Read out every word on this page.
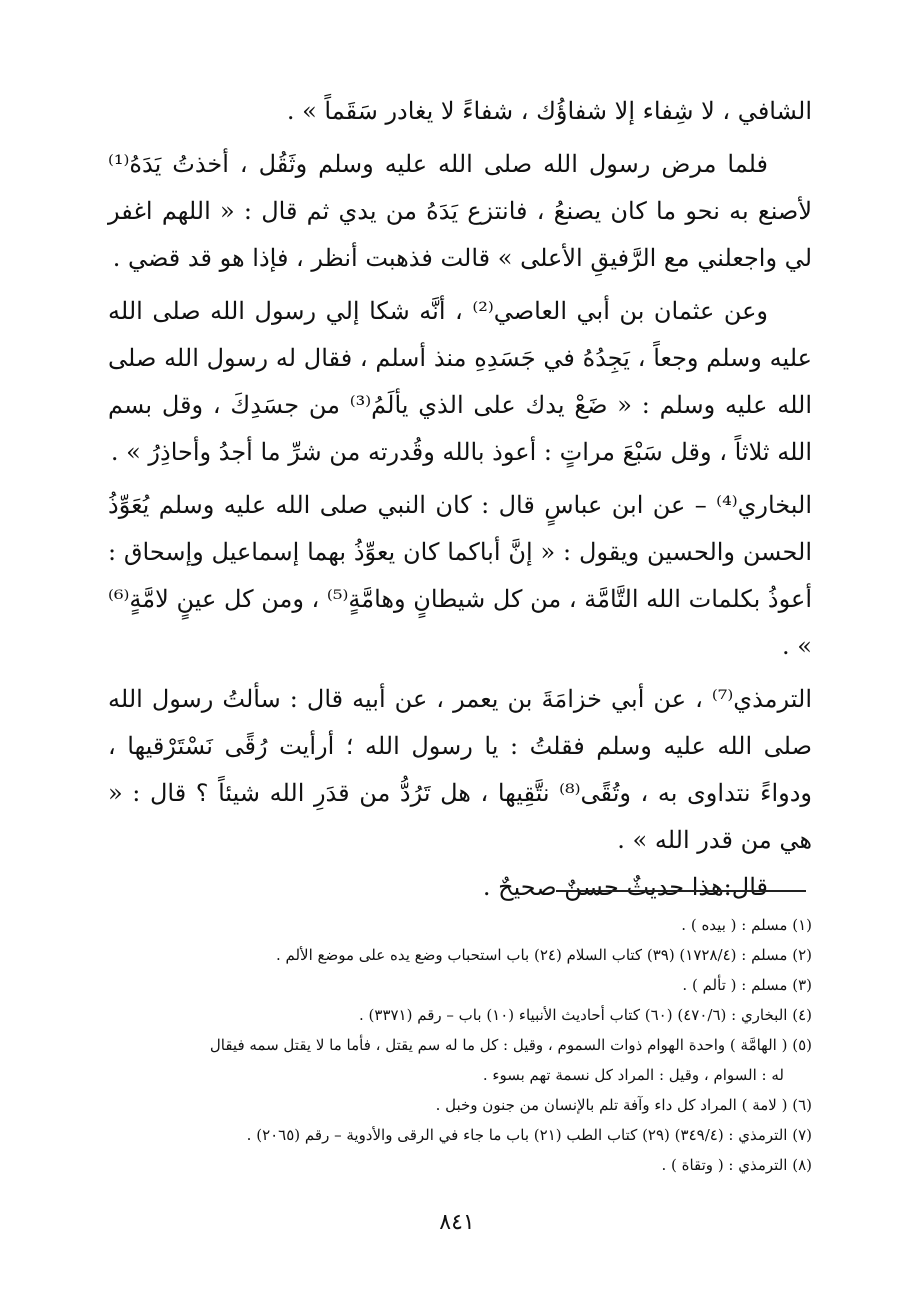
الشافي ، لا شِفاء إلا شفاؤُك ، شفاءً لا يغادر سَقَماً » .

فلما مرض رسول الله صلى الله عليه وسلم وثَقُل ، أخذتُ يَدَهُ⁽¹⁾ لأصنع به نحو ما كان يصنعُ ، فانتزع يَدَهُ من يدي ثم قال : « اللهم اغفر لي واجعلني مع الرَّفيقِ الأعلى » قالت فذهبت أنظر ، فإذا هو قد قضي .

وعن عثمان بن أبي العاصي⁽²⁾ ، أنَّه شكا إلي رسول الله صلى الله عليه وسلم وجعاً ، يَجِدُهُ في جَسَدِهِ منذ أسلم ، فقال له رسول الله صلى الله عليه وسلم : « ضَعْ يدك على الذي يألَمُ⁽³⁾ من جسَدِكَ ، وقل بسم الله ثلاثاً ، وقل سَبْعَ مراتٍ : أعوذ بالله وقُدرته من شرِّ ما أجدُ وأحاذِرُ » .

البخاري⁽⁴⁾ – عن ابن عباسٍ قال : كان النبي صلى الله عليه وسلم يُعَوِّذُ الحسن والحسين ويقول : « إنَّ أباكما كان يعوِّذُ بهما إسماعيل وإسحاق : أعوذُ بكلمات الله التَّامَّة ، من كل شيطانٍ وهامَّةٍ⁽⁵⁾ ، ومن كل عينٍ لامَّةٍ⁽⁶⁾ » .

الترمذي⁽⁷⁾ ، عن أبي خزامَةَ بن يعمر ، عن أبيه قال : سألتُ رسول الله صلى الله عليه وسلم فقلتُ : يا رسول الله ؛ أرأيت رُقًى نَسْتَرْقيها ، ودواءً نتداوى به ، وتُقًى⁽⁸⁾ نتَّقِيها ، هل تَرُدُّ من قدَرِ الله شيئاً ؟ قال : « هي من قدر الله » .

قال:هذا حديثٌ حسنٌ صحيحٌ .

(١) مسلم : ( بيده ) .

(٢) مسلم : (١٧٢٨/٤) (٣٩) كتاب السلام (٢٤) باب استحباب وضع يده على موضع الألم .

(٣) مسلم : ( تألم ) .

(٤) البخاري : (٤٧٠/٦) (٦٠) كتاب أحاديث الأنبياء (١٠) باب – رقم (٣٣٧١) .

(٥) ( الهامَّة ) واحدة الهوام ذوات السموم ، وقيل : كل ما له سم يقتل ، فأما ما لا يقتل سمه فيقال

له : السوام ، وقيل : المراد كل نسمة تهم بسوء .

(٦) ( لامة ) المراد كل داء وآفة تلم بالإنسان من جنون وخبل .

(٧) الترمذي : (٣٤٩/٤) (٢٩) كتاب الطب (٢١) باب ما جاء في الرقى والأدوية – رقم (٢٠٦٥) .

(٨) الترمذي : ( وتقاة ) .

٨٤١
